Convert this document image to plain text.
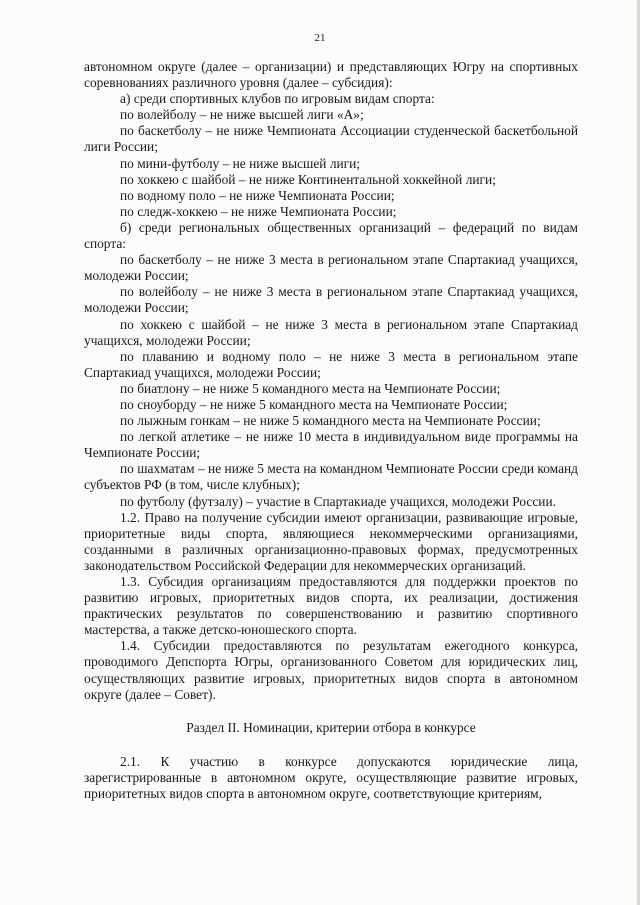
21

автономном округе (далее – организации) и представляющих Югру на спортивных соревнованиях различного уровня (далее – субсидия):

а) среди спортивных клубов по игровым видам спорта:

по волейболу – не ниже высшей лиги «А»;

по баскетболу – не ниже Чемпионата Ассоциации студенческой баскетбольной лиги России;

по мини-футболу – не ниже высшей лиги;

по хоккею с шайбой – не ниже Континентальной хоккейной лиги;

по водному поло – не ниже Чемпионата России;

по следж-хоккею – не ниже Чемпионата России;

б) среди региональных общественных организаций – федераций по видам спорта:

по баскетболу – не ниже 3 места в региональном этапе Спартакиад учащихся, молодежи России;

по волейболу – не ниже 3 места в региональном этапе Спартакиад учащихся, молодежи России;

по хоккею с шайбой – не ниже 3 места в региональном этапе Спартакиад учащихся, молодежи России;

по плаванию и водному поло – не ниже 3 места в региональном этапе Спартакиад учащихся, молодежи России;

по биатлону – не ниже 5 командного места на Чемпионате России;

по сноуборду – не ниже 5 командного места на Чемпионате России;

по лыжным гонкам – не ниже 5 командного места на Чемпионате России;

по легкой атлетике – не ниже 10 места в индивидуальном виде программы на Чемпионате России;

по шахматам – не ниже 5 места на командном Чемпионате России среди команд субъектов РФ (в том, числе клубных);

по футболу (футзалу) – участие в Спартакиаде учащихся, молодежи России.

1.2. Право на получение субсидии имеют организации, развивающие игровые, приоритетные виды спорта, являющиеся некоммерческими организациями, созданными в различных организационно-правовых формах, предусмотренных законодательством Российской Федерации для некоммерческих организаций.

1.3. Субсидия организациям предоставляются для поддержки проектов по развитию игровых, приоритетных видов спорта, их реализации, достижения практических результатов по совершенствованию и развитию спортивного мастерства, а также детско-юношеского спорта.

1.4. Субсидии предоставляются по результатам ежегодного конкурса, проводимого Депспорта Югры, организованного Советом для юридических лиц, осуществляющих развитие игровых, приоритетных видов спорта в автономном округе (далее – Совет).

Раздел II. Номинации, критерии отбора в конкурсе

2.1. К участию в конкурсе допускаются юридические лица, зарегистрированные в автономном округе, осуществляющие развитие игровых, приоритетных видов спорта в автономном округе, соответствующие критериям,
